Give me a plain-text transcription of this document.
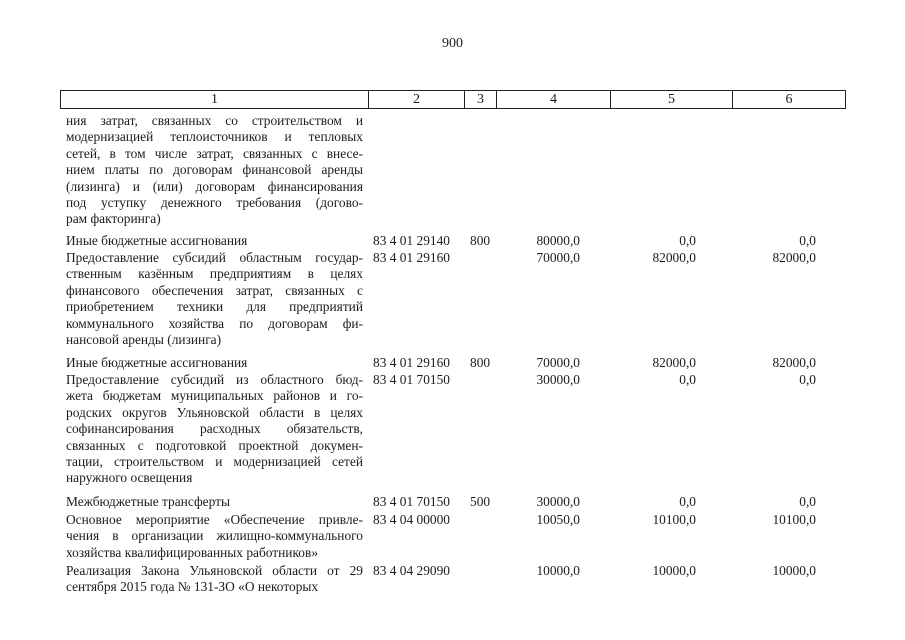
900
1	2	3	4	5	6
ния затрат, связанных со строительством и
модернизацией теплоисточников и тепловых
сетей, в том числе затрат, связанных с внесе-
нием платы по договорам финансовой аренды
(лизинга) и (или) договорам финансирования
под уступку денежного требования (догово-
рам факторинга)
Иные бюджетные ассигнования	83 4 01 29140 800	80000,0	0,0	0,0
Предоставление субсидий областным государ-
ственным казённым предприятиям в целях
финансового обеспечения затрат, связанных с
приобретением техники для предприятий
коммунального хозяйства по договорам фи-
нансовой аренды (лизинга)
83 4 01 29160	70000,0	82000,0	82000,0
Иные бюджетные ассигнования	83 4 01 29160 800	70000,0	82000,0	82000,0
Предоставление субсидий из областного бюд-
жета бюджетам муниципальных районов и го-
родских округов Ульяновской области в целях
софинансирования расходных обязательств,
связанных с подготовкой проектной докумен-
тации, строительством и модернизацией сетей
наружного освещения
83 4 01 70150	30000,0	0,0	0,0
Межбюджетные трансферты	83 4 01 70150 500	30000,0	0,0	0,0
Основное мероприятие «Обеспечение привле-
чения в организации жилищно-коммунального
хозяйства квалифицированных работников»
83 4 04 00000	10050,0	10100,0	10100,0
Реализация Закона Ульяновской области от 29
сентября 2015 года № 131-ЗО «О некоторых
83 4 04 29090	10000,0	10000,0	10000,0
